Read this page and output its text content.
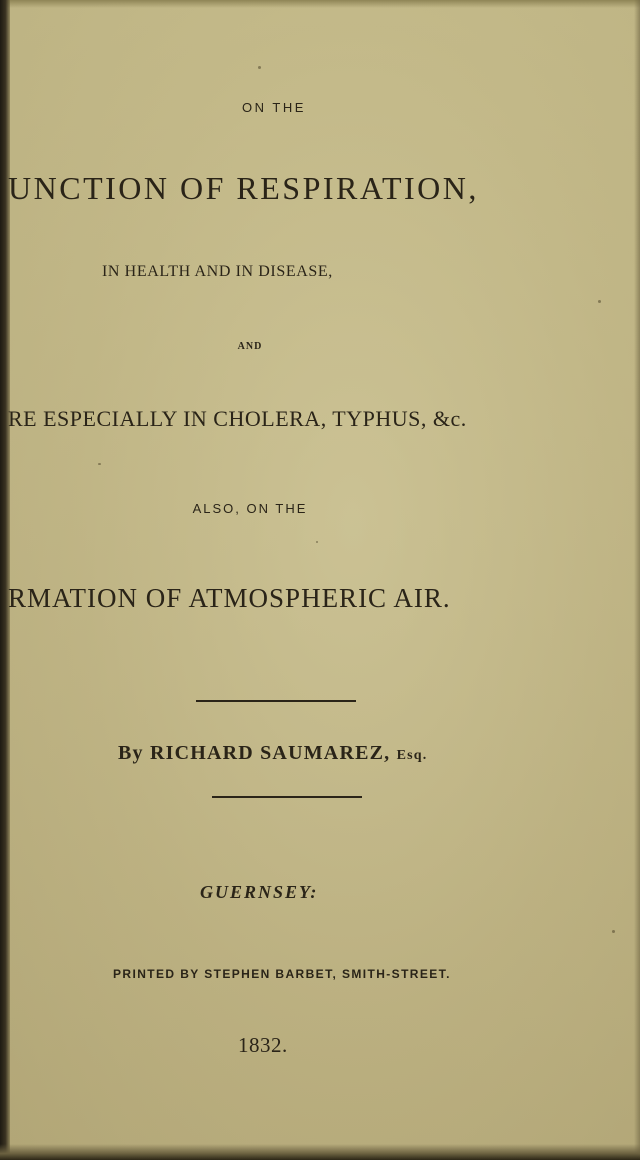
ON THE
UNCTION OF RESPIRATION,
IN HEALTH AND IN DISEASE,
AND
RE ESPECIALLY IN CHOLERA, TYPHUS, &c.
ALSO, ON THE
RMATION OF ATMOSPHERIC AIR.
By RICHARD SAUMAREZ, Esq.
GUERNSEY:
PRINTED BY STEPHEN BARBET, SMITH-STREET.
1832.
